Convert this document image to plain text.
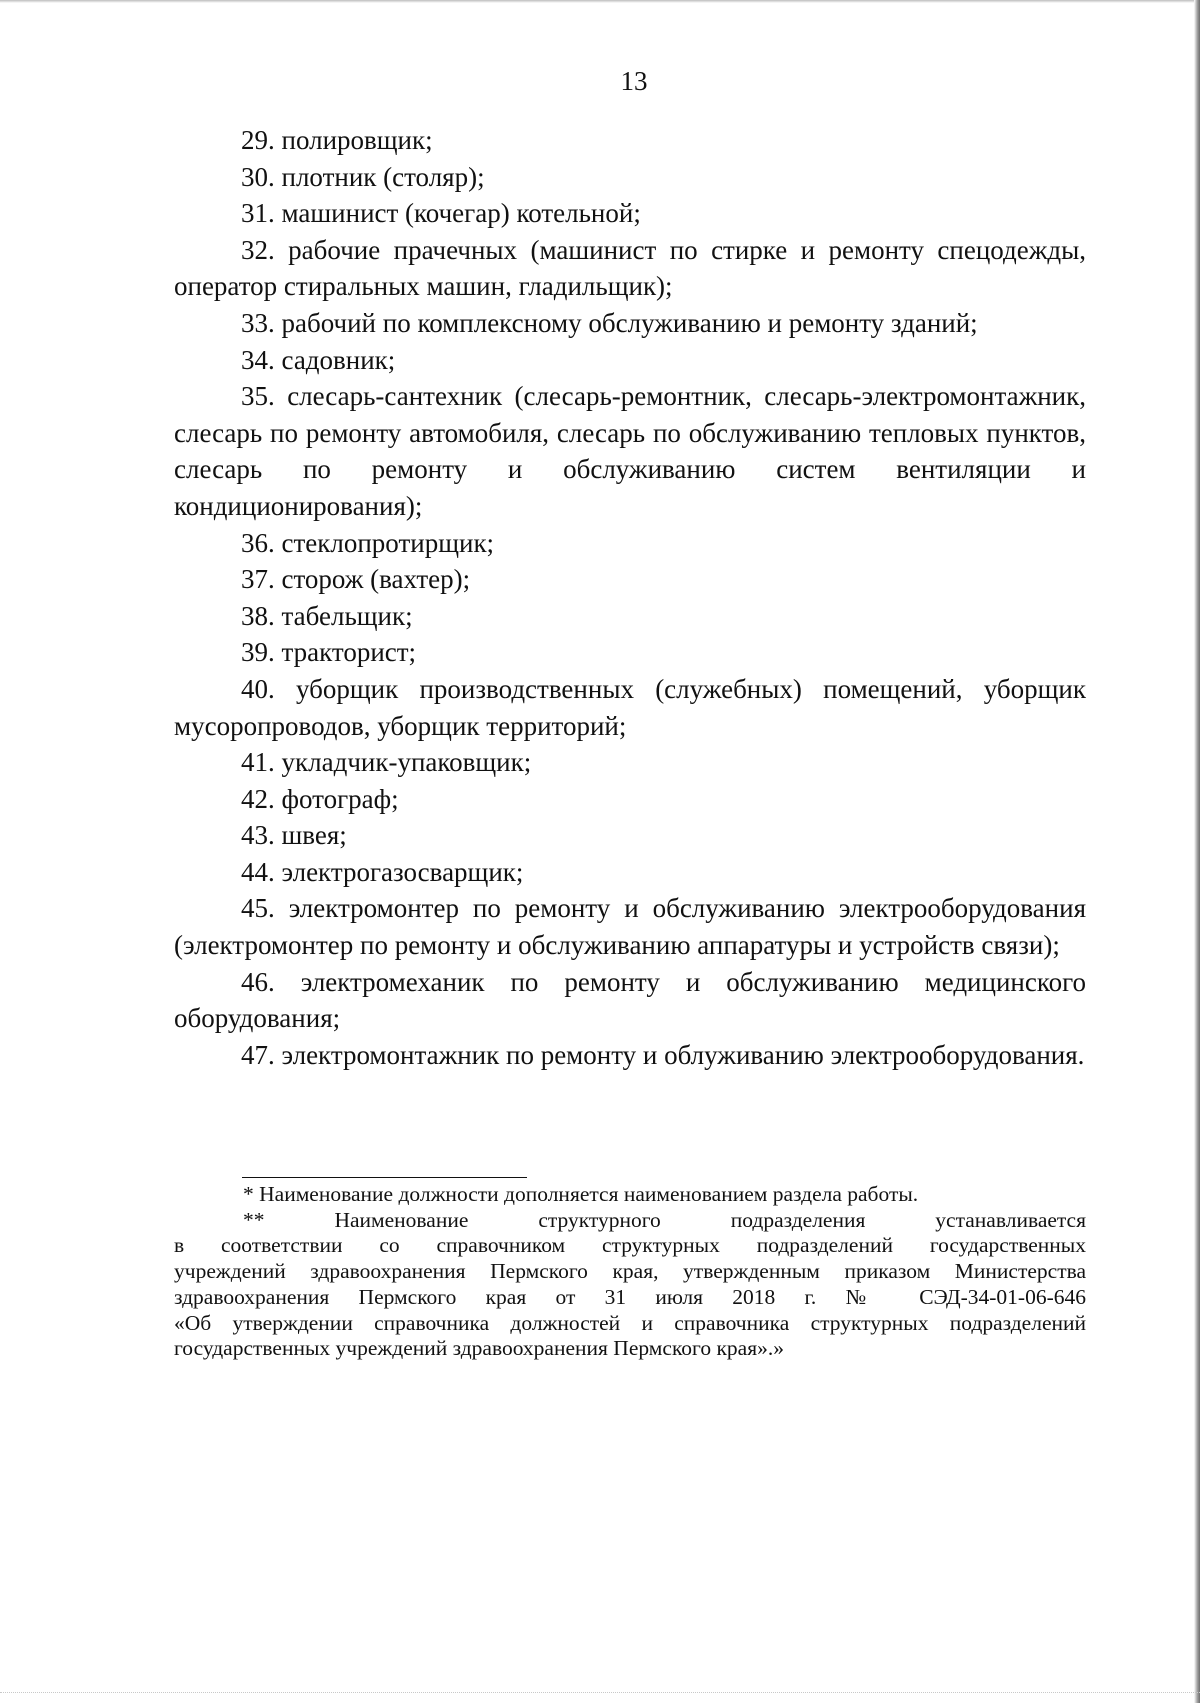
13

29. полировщик;

30. плотник (столяр);

31. машинист (кочегар) котельной;

32. рабочие прачечных (машинист по стирке и ремонту спецодежды, оператор стиральных машин, гладильщик);

33. рабочий по комплексному обслуживанию и ремонту зданий;

34. садовник;

35. слесарь-сантехник (слесарь-ремонтник, слесарь-электромонтажник, слесарь по ремонту автомобиля, слесарь по обслуживанию тепловых пунктов, слесарь по ремонту и обслуживанию систем вентиляции и кондиционирования);

36. стеклопротирщик;

37. сторож (вахтер);

38. табельщик;

39. тракторист;

40. уборщик производственных (служебных) помещений, уборщик мусоропроводов, уборщик территорий;

41. укладчик-упаковщик;

42. фотограф;

43. швея;

44. электрогазосварщик;

45. электромонтер по ремонту и обслуживанию электрооборудования (электромонтер по ремонту и обслуживанию аппаратуры и устройств связи);

46. электромеханик по ремонту и обслуживанию медицинского оборудования;

47. электромонтажник по ремонту и облуживанию электрооборудования.

* Наименование должности дополняется наименованием раздела работы.

** Наименование структурного подразделения устанавливается
в соответствии со справочником структурных подразделений государственных
учреждений здравоохранения Пермского края, утвержденным приказом Министерства
здравоохранения Пермского края от 31 июля 2018 г. № СЭД-34-01-06-646
«Об утверждении справочника должностей и справочника структурных подразделений
государственных учреждений здравоохранения Пермского края».»
